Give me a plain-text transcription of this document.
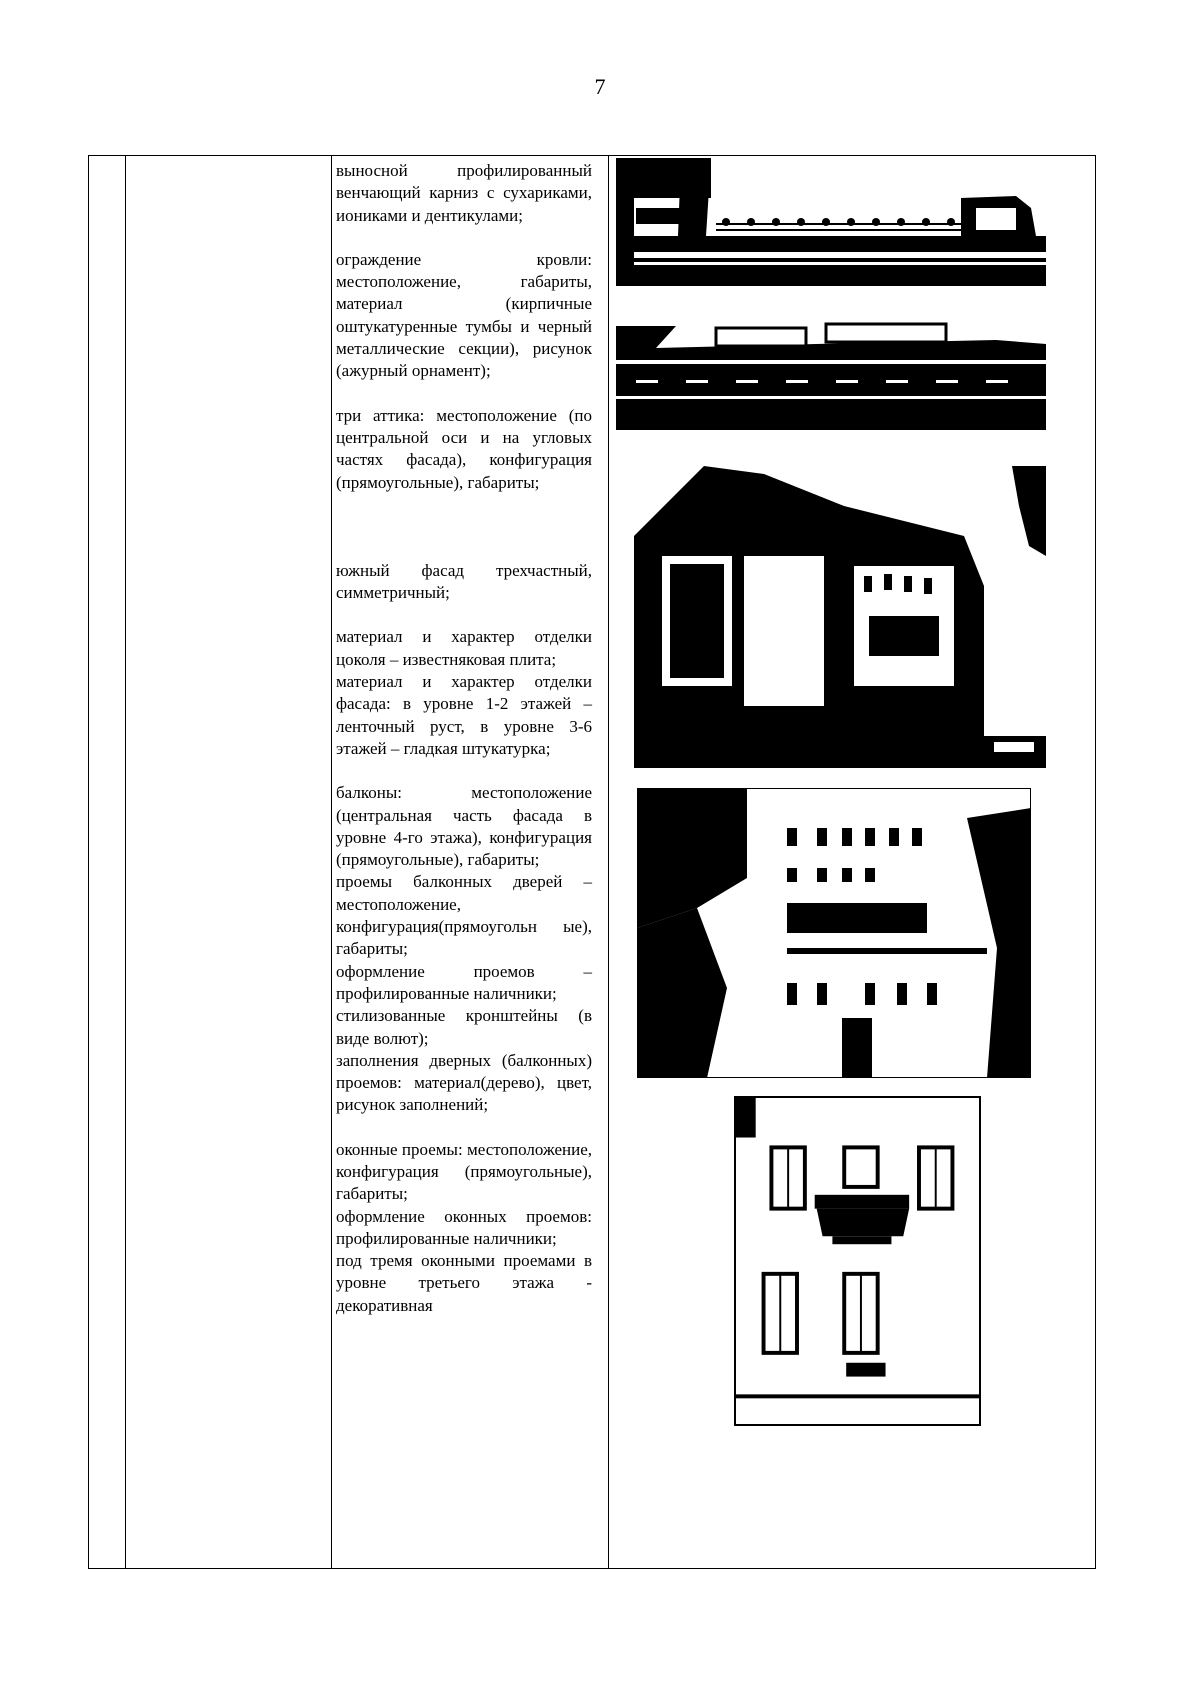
7

выносной профилированный венчающий карниз с сухариками, иониками и дентикулами;

ограждение кровли: местоположение, габариты, материал (кирпичные оштукатуренные тумбы и черный металлические секции), рисунок (ажурный орнамент);

три аттика: местоположение (по центральной оси и на угловых частях фасада), конфигурация (прямоугольные), габариты;

южный фасад трехчастный, симметричный;

материал и характер отделки цоколя – известняковая плита;

материал и характер отделки фасада: в уровне 1-2 этажей – ленточный руст, в уровне 3-6 этажей – гладкая штукатурка;

балконы: местоположение (центральная часть фасада в уровне 4-го этажа), конфигурация (прямоугольные), габариты;

проемы балконных дверей – местоположение, конфигурация(прямоугольн ые), габариты;

оформление проемов – профилированные наличники;

стилизованные кронштейны (в виде волют);

заполнения дверных (балконных) проемов: материал(дерево), цвет, рисунок заполнений;

оконные проемы: местоположение, конфигурация (прямоугольные), габариты;

оформление оконных проемов: профилированные наличники;

под тремя оконными проемами в уровне третьего этажа - декоративная
